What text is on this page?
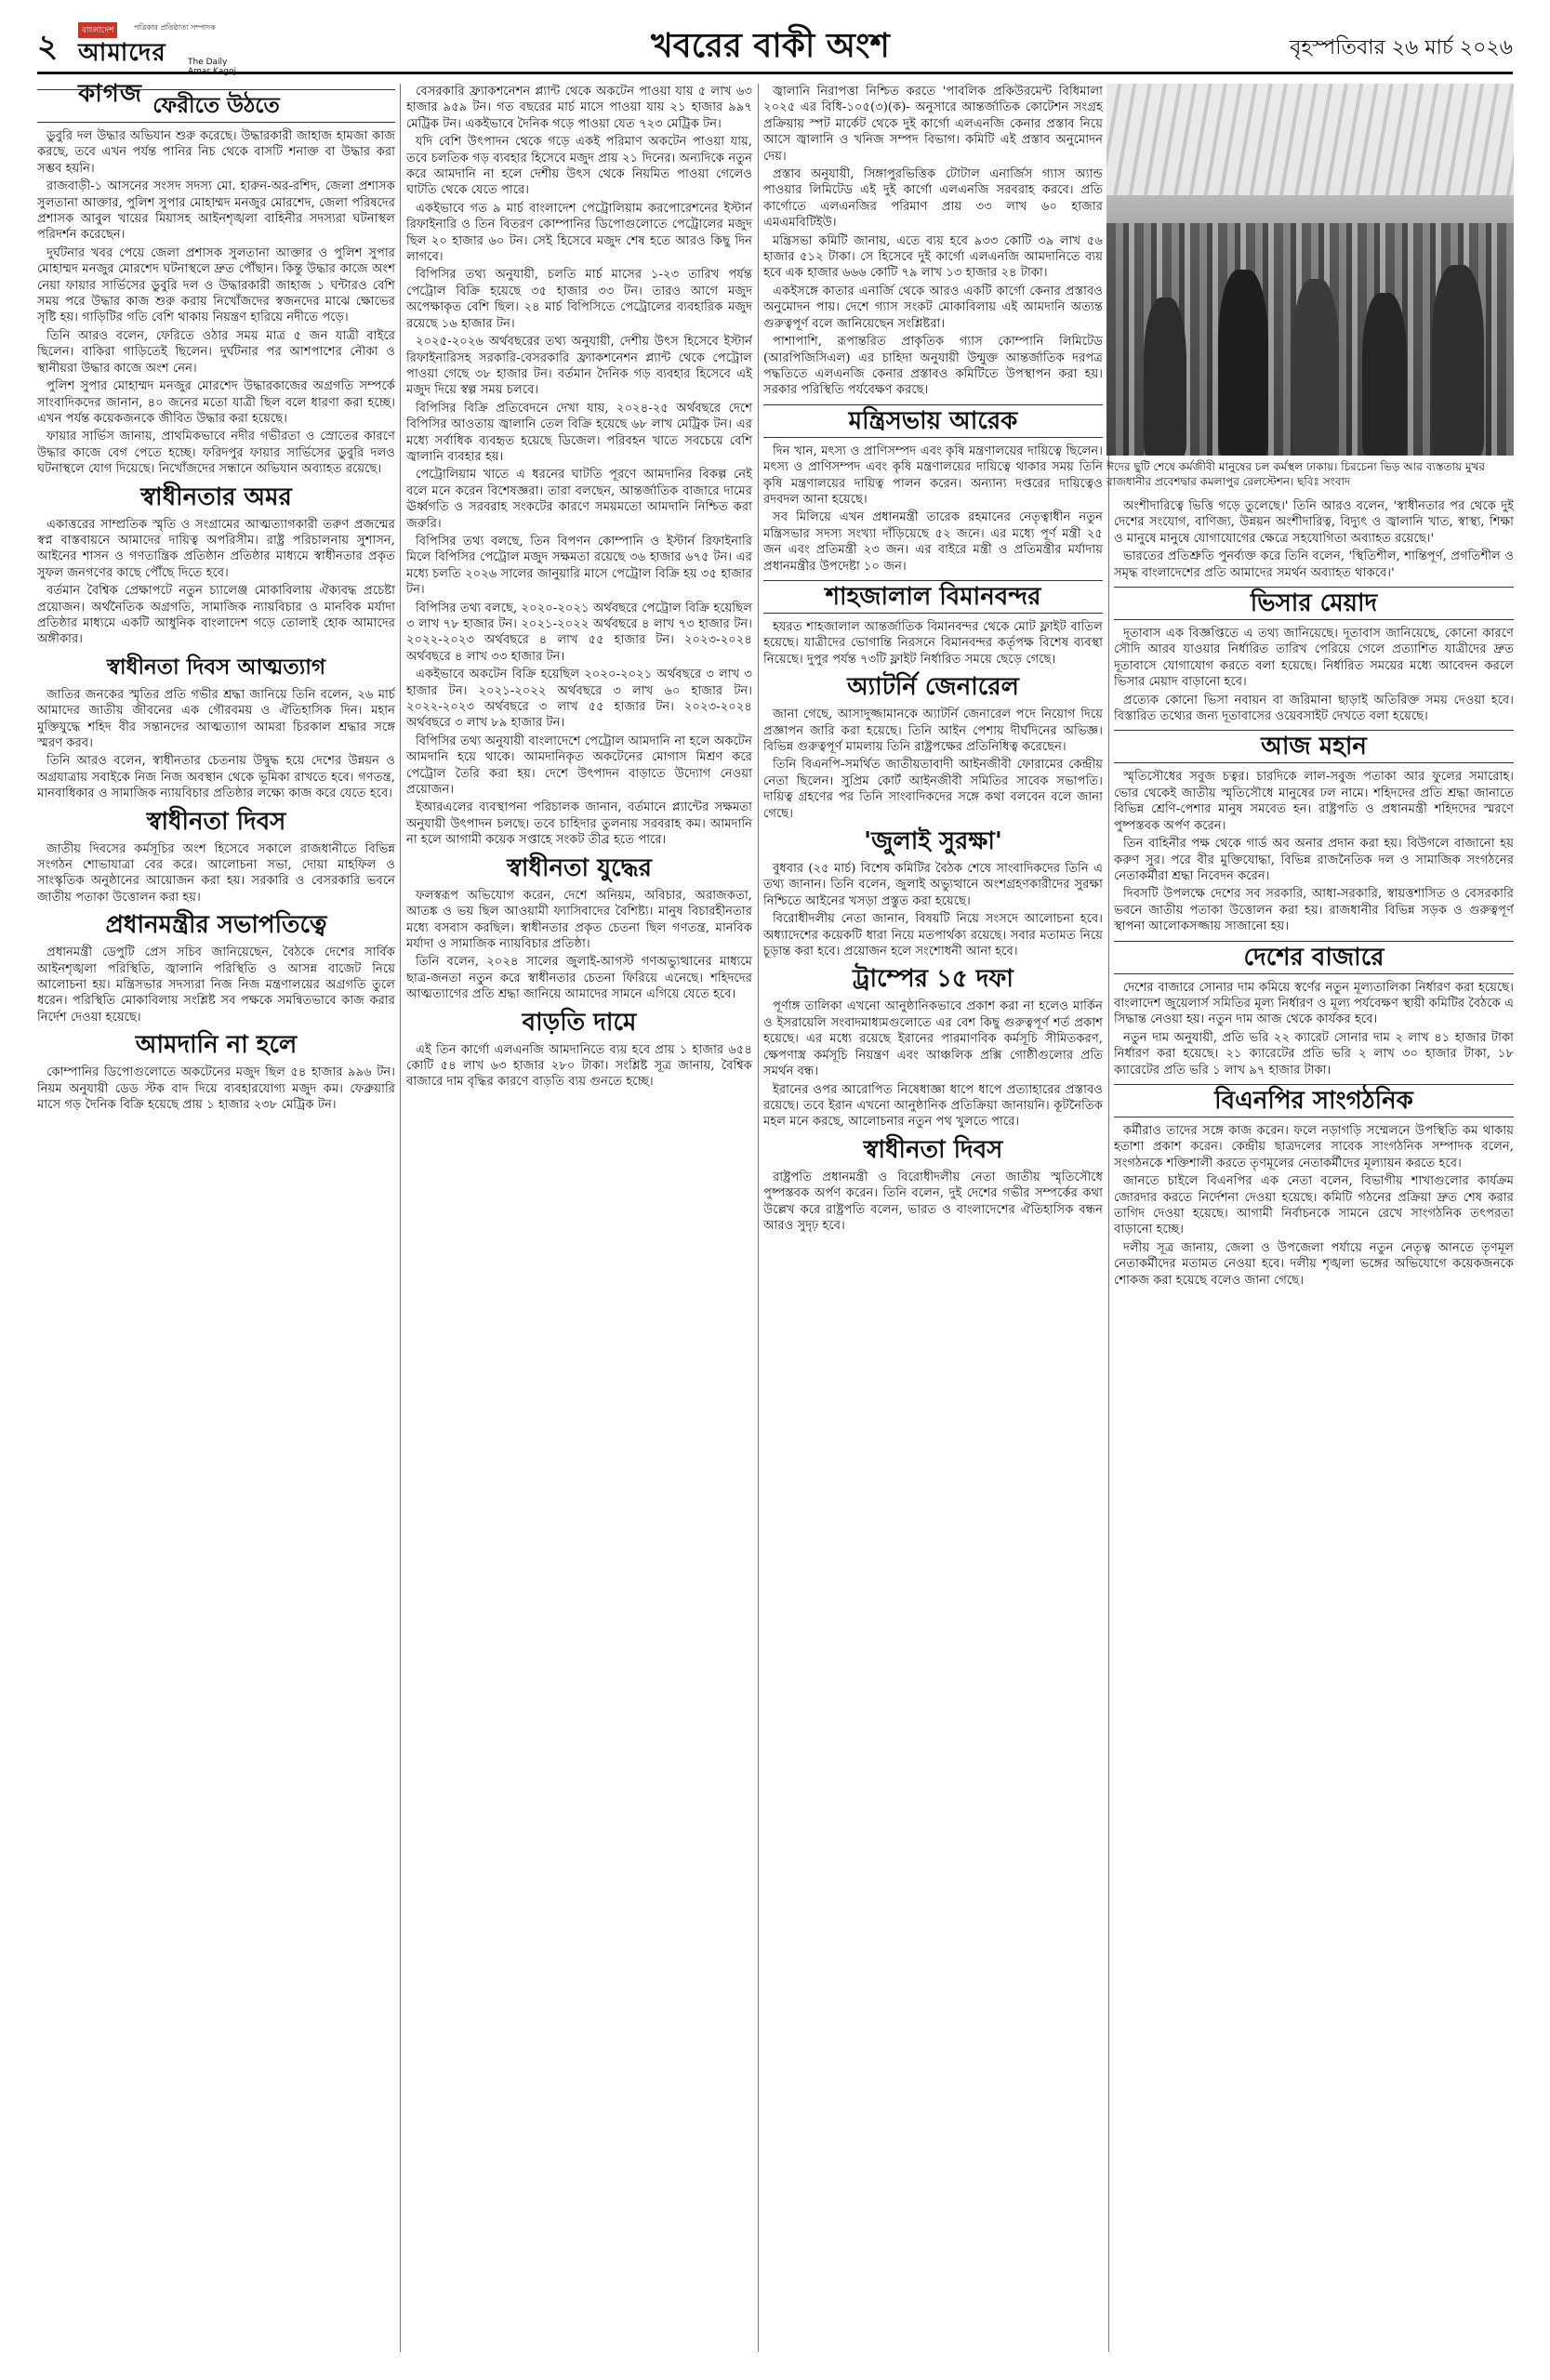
২	বাংলাদেশ	পত্রিকার প্রতিষ্ঠাতা সম্পাদক
আমাদের কাগজ
The Daily Amar Kagoj
খবরের বাকী অংশ	বৃহস্পতিবার ২৬ মার্চ ২০২৬
ফেরীতে উঠতে

ডুবুরি দল উদ্ধার অভিযান শুরু করেছে। উদ্ধারকারী জাহাজ হামজা কাজ করছে, তবে এখন পর্যন্ত পানির নিচ থেকে বাসটি শনাক্ত বা উদ্ধার করা সম্ভব হয়নি।

রাজবাড়ী-১ আসনের সংসদ সদস্য মো. হারুন-অর-রশিদ, জেলা প্রশাসক সুলতানা আক্তার, পুলিশ সুপার মোহাম্মদ মনজুর মোরশেদ, জেলা পরিষদের প্রশাসক আবুল খায়ের মিয়াসহ আইনশৃঙ্খলা বাহিনীর সদস্যরা ঘটনাস্থল পরিদর্শন করেছেন।

দুর্ঘটনার খবর পেয়ে জেলা প্রশাসক সুলতানা আক্তার ও পুলিশ সুপার মোহাম্মদ মনজুর মোরশেদ ঘটনাস্থলে দ্রুত পৌঁছান। কিন্তু উদ্ধার কাজে অংশ নেয়া ফায়ার সার্ভিসের ডুবুরি দল ও উদ্ধারকারী জাহাজ ১ ঘন্টারও বেশি সময় পরে উদ্ধার কাজ শুরু করায় নিখোঁজদের স্বজনদের মাঝে ক্ষোভের সৃষ্টি হয়। গাড়িটির গতি বেশি থাকায় নিয়ন্ত্রণ হারিয়ে নদীতে পড়ে।

তিনি আরও বলেন, ফেরিতে ওঠার সময় মাত্র ৫ জন যাত্রী বাইরে ছিলেন। বাকিরা গাড়িতেই ছিলেন। দুর্ঘটনার পর আশপাশের নৌকা ও স্থানীয়রা উদ্ধার কাজে অংশ নেন।

পুলিশ সুপার মোহাম্মদ মনজুর মোরশেদ উদ্ধারকাজের অগ্রগতি সম্পর্কে সাংবাদিকদের জানান, ৪০ জনের মতো যাত্রী ছিল বলে ধারণা করা হচ্ছে। এখন পর্যন্ত কয়েকজনকে জীবিত উদ্ধার করা হয়েছে।

ফায়ার সার্ভিস জানায়, প্রাথমিকভাবে নদীর গভীরতা ও স্রোতের কারণে উদ্ধার কাজে বেগ পেতে হচ্ছে। ফরিদপুর ফায়ার সার্ভিসের ডুবুরি দলও ঘটনাস্থলে যোগ দিয়েছে। নিখোঁজদের সন্ধানে অভিযান অব্যাহত রয়েছে।

স্বাধীনতার অমর

একাত্তরের সাম্প্রতিক স্মৃতি ও সংগ্রামের আত্মত্যাগকারী তরুণ প্রজন্মের স্বপ্ন বাস্তবায়নে আমাদের দায়িত্ব অপরিসীম। রাষ্ট্র পরিচালনায় সুশাসন, আইনের শাসন ও গণতান্ত্রিক প্রতিষ্ঠান প্রতিষ্ঠার মাধ্যমে স্বাধীনতার প্রকৃত সুফল জনগণের কাছে পৌঁছে দিতে হবে।

বর্তমান বৈশ্বিক প্রেক্ষাপটে নতুন চ্যালেঞ্জ মোকাবিলায় ঐক্যবদ্ধ প্রচেষ্টা প্রয়োজন। অর্থনৈতিক অগ্রগতি, সামাজিক ন্যায়বিচার ও মানবিক মর্যাদা প্রতিষ্ঠার মাধ্যমে একটি আধুনিক বাংলাদেশ গড়ে তোলাই হোক আমাদের অঙ্গীকার।

স্বাধীনতা দিবস আত্মত্যাগ

জাতির জনকের স্মৃতির প্রতি গভীর শ্রদ্ধা জানিয়ে তিনি বলেন, ২৬ মার্চ আমাদের জাতীয় জীবনের এক গৌরবময় ও ঐতিহাসিক দিন। মহান মুক্তিযুদ্ধে শহিদ বীর সন্তানদের আত্মত্যাগ আমরা চিরকাল শ্রদ্ধার সঙ্গে স্মরণ করব।

তিনি আরও বলেন, স্বাধীনতার চেতনায় উদ্বুদ্ধ হয়ে দেশের উন্নয়ন ও অগ্রযাত্রায় সবাইকে নিজ নিজ অবস্থান থেকে ভূমিকা রাখতে হবে। গণতন্ত্র, মানবাধিকার ও সামাজিক ন্যায়বিচার প্রতিষ্ঠার লক্ষ্যে কাজ করে যেতে হবে।

স্বাধীনতা দিবস

জাতীয় দিবসের কর্মসূচির অংশ হিসেবে সকালে রাজধানীতে বিভিন্ন সংগঠন শোভাযাত্রা বের করে। আলোচনা সভা, দোয়া মাহফিল ও সাংস্কৃতিক অনুষ্ঠানের আয়োজন করা হয়। সরকারি ও বেসরকারি ভবনে জাতীয় পতাকা উত্তোলন করা হয়।

প্রধানমন্ত্রীর সভাপতিত্বে

প্রধানমন্ত্রী ডেপুটি প্রেস সচিব জানিয়েছেন, বৈঠকে দেশের সার্বিক আইনশৃঙ্খলা পরিস্থিতি, জ্বালানি পরিস্থিতি ও আসন্ন বাজেট নিয়ে আলোচনা হয়। মন্ত্রিসভার সদস্যরা নিজ নিজ মন্ত্রণালয়ের অগ্রগতি তুলে ধরেন। পরিস্থিতি মোকাবিলায় সংশ্লিষ্ট সব পক্ষকে সমন্বিতভাবে কাজ করার নির্দেশ দেওয়া হয়েছে।

আমদানি না হলে

কোম্পানির ডিপোগুলোতে অকটেনের মজুদ ছিল ৫৪ হাজার ৯৯৬ টন। নিয়ম অনুযায়ী ডেড স্টক বাদ দিয়ে ব্যবহারযোগ্য মজুদ কম। ফেব্রুয়ারি মাসে গড় দৈনিক বিক্রি হয়েছে প্রায় ১ হাজার ২৩৮ মেট্রিক টন।

বেসরকারি ফ্র্যাকশনেশন প্ল্যান্ট থেকে অকটেন পাওয়া যায় ৫ লাখ ৬৩ হাজার ৯৫৯ টন। গত বছরের মার্চ মাসে পাওয়া যায় ২১ হাজার ৯৯৭ মেট্রিক টন। একইভাবে দৈনিক গড়ে পাওয়া যেত ৭২৩ মেট্রিক টন।

যদি বেশি উৎপাদন থেকে গড়ে একই পরিমাণ অকটেন পাওয়া যায়, তবে চলতিক গড় ব্যবহার হিসেবে মজুদ প্রায় ২১ দিনের। অন্যদিকে নতুন করে আমদানি না হলে দেশীয় উৎস থেকে নিয়মিত পাওয়া গেলেও ঘাটতি থেকে যেতে পারে।

একইভাবে গত ৯ মার্চ বাংলাদেশ পেট্রোলিয়াম করপোরেশনের ইস্টার্ন রিফাইনারি ও তিন বিতরণ কোম্পানির ডিপোগুলোতে পেট্রোলের মজুদ ছিল ২০ হাজার ৬০ টন। সেই হিসেবে মজুদ শেষ হতে আরও কিছু দিন লাগবে।

বিপিসির তথ্য অনুযায়ী, চলতি মার্চ মাসের ১-২৩ তারিখ পর্যন্ত পেট্রোল বিক্রি হয়েছে ৩৫ হাজার ৩৩ টন। তারও আগে মজুদ অপেক্ষাকৃত বেশি ছিল। ২৪ মার্চ বিপিসিতে পেট্রোলের ব্যবহারিক মজুদ রয়েছে ১৬ হাজার টন।

২০২৫-২০২৬ অর্থবছরের তথ্য অনুযায়ী, দেশীয় উৎস হিসেবে ইস্টার্ন রিফাইনারিসহ সরকারি-বেসরকারি ফ্র্যাকশনেশন প্ল্যান্ট থেকে পেট্রোল পাওয়া গেছে ৩৮ হাজার টন। বর্তমান দৈনিক গড় ব্যবহার হিসেবে এই মজুদ দিয়ে স্বল্প সময় চলবে।

বিপিসির বিক্রি প্রতিবেদনে দেখা যায়, ২০২৪-২৫ অর্থবছরে দেশে বিপিসির আওতায় জ্বালানি তেল বিক্রি হয়েছে ৬৮ লাখ মেট্রিক টন। এর মধ্যে সর্বাধিক ব্যবহৃত হয়েছে ডিজেল। পরিবহন খাতে সবচেয়ে বেশি জ্বালানি ব্যবহার হয়।

পেট্রোলিয়াম খাতে এ ধরনের ঘাটতি পূরণে আমদানির বিকল্প নেই বলে মনে করেন বিশেষজ্ঞরা। তারা বলছেন, আন্তর্জাতিক বাজারে দামের ঊর্ধ্বগতি ও সরবরাহ সংকটের কারণে সময়মতো আমদানি নিশ্চিত করা জরুরি।

বিপিসির তথ্য বলছে, তিন বিপণন কোম্পানি ও ইস্টার্ন রিফাইনারি মিলে বিপিসির পেট্রোল মজুদ সক্ষমতা রয়েছে ৩৬ হাজার ৬৭৫ টন। এর মধ্যে চলতি ২০২৬ সালের জানুয়ারি মাসে পেট্রোল বিক্রি হয় ৩৫ হাজার টন।

বিপিসির তথ্য বলছে, ২০২০-২০২১ অর্থবছরে পেট্রোল বিক্রি হয়েছিল ৩ লাখ ৭৮ হাজার টন। ২০২১-২০২২ অর্থবছরে ৪ লাখ ৭৩ হাজার টন। ২০২২-২০২৩ অর্থবছরে ৪ লাখ ৫৫ হাজার টন। ২০২৩-২০২৪ অর্থবছরে ৪ লাখ ৩৩ হাজার টন।

একইভাবে অকটেন বিক্রি হয়েছিল ২০২০-২০২১ অর্থবছরে ৩ লাখ ৩ হাজার টন। ২০২১-২০২২ অর্থবছরে ৩ লাখ ৬০ হাজার টন। ২০২২-২০২৩ অর্থবছরে ৩ লাখ ৫৫ হাজার টন। ২০২৩-২০২৪ অর্থবছরে ৩ লাখ ৮৯ হাজার টন।

বিপিসির তথ্য অনুযায়ী বাংলাদেশে পেট্রোল আমদানি না হলে অকটেন আমদানি হয়ে থাকে। আমদানিকৃত অকটেনের মোগাস মিশ্রণ করে পেট্রোল তৈরি করা হয়। দেশে উৎপাদন বাড়াতে উদ্যোগ নেওয়া প্রয়োজন।

ইআরএলের ব্যবস্থাপনা পরিচালক জানান, বর্তমানে প্ল্যান্টের সক্ষমতা অনুযায়ী উৎপাদন চলছে। তবে চাহিদার তুলনায় সরবরাহ কম। আমদানি না হলে আগামী কয়েক সপ্তাহে সংকট তীব্র হতে পারে।

স্বাধীনতা যুদ্ধের

ফলস্বরূপ অভিযোগ করেন, দেশে অনিয়ম, অবিচার, অরাজকতা, আতঙ্ক ও ভয় ছিল আওয়ামী ফ্যাসিবাদের বৈশিষ্ট্য। মানুষ বিচারহীনতার মধ্যে বসবাস করছিল। স্বাধীনতার প্রকৃত চেতনা ছিল গণতন্ত্র, মানবিক মর্যাদা ও সামাজিক ন্যায়বিচার প্রতিষ্ঠা।

তিনি বলেন, ২০২৪ সালের জুলাই-আগস্ট গণঅভ্যুত্থানের মাধ্যমে ছাত্র-জনতা নতুন করে স্বাধীনতার চেতনা ফিরিয়ে এনেছে। শহিদদের আত্মত্যাগের প্রতি শ্রদ্ধা জানিয়ে আমাদের সামনে এগিয়ে যেতে হবে।

বাড়তি দামে

এই তিন কার্গো এলএনজি আমদানিতে ব্যয় হবে প্রায় ১ হাজার ৬৫৪ কোটি ৫৪ লাখ ৬৩ হাজার ২৮০ টাকা। সংশ্লিষ্ট সূত্র জানায়, বৈশ্বিক বাজারে দাম বৃদ্ধির কারণে বাড়তি ব্যয় গুনতে হচ্ছে।

জ্বালানি নিরাপত্তা নিশ্চিত করতে 'পাবলিক প্রকিউরমেন্ট বিধিমালা ২০২৫ এর বিধি-১০৫(৩)(ক)- অনুসারে আন্তর্জাতিক কোটেশন সংগ্রহ প্রক্রিয়ায় স্পট মার্কেট থেকে দুই কার্গো এলএনজি কেনার প্রস্তাব নিয়ে আসে জ্বালানি ও খনিজ সম্পদ বিভাগ। কমিটি এই প্রস্তাব অনুমোদন দেয়।

প্রস্তাব অনুযায়ী, সিঙ্গাপুরভিত্তিক টোটাল এনার্জিস গ্যাস অ্যান্ড পাওয়ার লিমিটেড এই দুই কার্গো এলএনজি সরবরাহ করবে। প্রতি কার্গোতে এলএনজির পরিমাণ প্রায় ৩৩ লাখ ৬০ হাজার এমএমবিটিইউ।

মন্ত্রিসভা কমিটি জানায়, এতে ব্যয় হবে ৯৩৩ কোটি ৩৯ লাখ ৫৬ হাজার ৫১২ টাকা। সে হিসেবে দুই কার্গো এলএনজি আমদানিতে ব্যয় হবে এক হাজার ৬৬৬ কোটি ৭৯ লাখ ১৩ হাজার ২৪ টাকা।

একইসঙ্গে কাতার এনার্জি থেকে আরও একটি কার্গো কেনার প্রস্তাবও অনুমোদন পায়। দেশে গ্যাস সংকট মোকাবিলায় এই আমদানি অত্যন্ত গুরুত্বপূর্ণ বলে জানিয়েছেন সংশ্লিষ্টরা।

পাশাপাশি, রূপান্তরিত প্রাকৃতিক গ্যাস কোম্পানি লিমিটেড (আরপিজিসিএল) এর চাহিদা অনুযায়ী উন্মুক্ত আন্তর্জাতিক দরপত্র পদ্ধতিতে এলএনজি কেনার প্রস্তাবও কমিটিতে উপস্থাপন করা হয়। সরকার পরিস্থিতি পর্যবেক্ষণ করছে।

মন্ত্রিসভায় আরেক

দিন খান, মৎস্য ও প্রাণিসম্পদ এবং কৃষি মন্ত্রণালয়ের দায়িত্বে ছিলেন। মৎস্য ও প্রাণিসম্পদ এবং কৃষি মন্ত্রণালয়ের দায়িত্বে থাকার সময় তিনি কৃষি মন্ত্রণালয়ের দায়িত্ব পালন করেন। অন্যান্য দপ্তরের দায়িত্বেও রদবদল আনা হয়েছে।

সব মিলিয়ে এখন প্রধানমন্ত্রী তারেক রহমানের নেতৃত্বাধীন নতুন মন্ত্রিসভার সদস্য সংখ্যা দাঁড়িয়েছে ৫২ জনে। এর মধ্যে পূর্ণ মন্ত্রী ২৫ জন এবং প্রতিমন্ত্রী ২৩ জন। এর বাইরে মন্ত্রী ও প্রতিমন্ত্রীর মর্যাদায় প্রধানমন্ত্রীর উপদেষ্টা ১০ জন।

শাহজালাল বিমানবন্দর

হযরত শাহজালাল আন্তর্জাতিক বিমানবন্দর থেকে মোট ফ্লাইট বাতিল হয়েছে। যাত্রীদের ভোগান্তি নিরসনে বিমানবন্দর কর্তৃপক্ষ বিশেষ ব্যবস্থা নিয়েছে। দুপুর পর্যন্ত ৭৩টি ফ্লাইট নির্ধারিত সময়ে ছেড়ে গেছে।

অ্যাটর্নি জেনারেল

জানা গেছে, আসাদুজ্জামানকে অ্যাটর্নি জেনারেল পদে নিয়োগ দিয়ে প্রজ্ঞাপন জারি করা হয়েছে। তিনি আইন পেশায় দীর্ঘদিনের অভিজ্ঞ। বিভিন্ন গুরুত্বপূর্ণ মামলায় তিনি রাষ্ট্রপক্ষের প্রতিনিধিত্ব করেছেন।

তিনি বিএনপি-সমর্থিত জাতীয়তাবাদী আইনজীবী ফোরামের কেন্দ্রীয় নেতা ছিলেন। সুপ্রিম কোর্ট আইনজীবী সমিতির সাবেক সভাপতি। দায়িত্ব গ্রহণের পর তিনি সাংবাদিকদের সঙ্গে কথা বলবেন বলে জানা গেছে।

'জুলাই সুরক্ষা'

বুধবার (২৫ মার্চ) বিশেষ কমিটির বৈঠক শেষে সাংবাদিকদের তিনি এ তথ্য জানান। তিনি বলেন, জুলাই অভ্যুত্থানে অংশগ্রহণকারীদের সুরক্ষা নিশ্চিতে আইনের খসড়া প্রস্তুত করা হয়েছে।

বিরোধীদলীয় নেতা জানান, বিষয়টি নিয়ে সংসদে আলোচনা হবে। অধ্যাদেশের কয়েকটি ধারা নিয়ে মতপার্থক্য রয়েছে। সবার মতামত নিয়ে চূড়ান্ত করা হবে। প্রয়োজন হলে সংশোধনী আনা হবে।

ট্রাম্পের ১৫ দফা

পূর্ণাঙ্গ তালিকা এখনো আনুষ্ঠানিকভাবে প্রকাশ করা না হলেও মার্কিন ও ইসরায়েলি সংবাদমাধ্যমগুলোতে এর বেশ কিছু গুরুত্বপূর্ণ শর্ত প্রকাশ হয়েছে। এর মধ্যে রয়েছে ইরানের পারমাণবিক কর্মসূচি সীমিতকরণ, ক্ষেপণাস্ত্র কর্মসূচি নিয়ন্ত্রণ এবং আঞ্চলিক প্রক্সি গোষ্ঠীগুলোর প্রতি সমর্থন বন্ধ।

ইরানের ওপর আরোপিত নিষেধাজ্ঞা ধাপে ধাপে প্রত্যাহারের প্রস্তাবও রয়েছে। তবে ইরান এখনো আনুষ্ঠানিক প্রতিক্রিয়া জানায়নি। কূটনৈতিক মহল মনে করছে, আলোচনার নতুন পথ খুলতে পারে।

স্বাধীনতা দিবস

রাষ্ট্রপতি প্রধানমন্ত্রী ও বিরোধীদলীয় নেতা জাতীয় স্মৃতিসৌধে পুষ্পস্তবক অর্পণ করেন। তিনি বলেন, দুই দেশের গভীর সম্পর্কের কথা উল্লেখ করে রাষ্ট্রপতি বলেন, ভারত ও বাংলাদেশের ঐতিহাসিক বন্ধন আরও সুদৃঢ় হবে।

ঈদের ছুটি শেষে কর্মজীবী মানুষের চল কর্মস্থল ঢাকায়। চিরচেনা ভিড় আর ব্যস্ততায় মুখর রাজধানীর প্রবেশদ্বার কমলাপুর রেলস্টেশন। ছবিঃ সংবাদ

অংশীদারিত্বে ভিত্তি গড়ে তুলেছে।' তিনি আরও বলেন, 'স্বাধীনতার পর থেকে দুই দেশের সংযোগ, বাণিজ্য, উন্নয়ন অংশীদারিত্ব, বিদ্যুৎ ও জ্বালানি খাত, স্বাস্থ্য, শিক্ষা ও মানুষে মানুষে যোগাযোগের ক্ষেত্রে সহযোগিতা অব্যাহত রয়েছে।'

ভারতের প্রতিশ্রুতি পুনর্ব্যক্ত করে তিনি বলেন, 'স্থিতিশীল, শান্তিপূর্ণ, প্রগতিশীল ও সমৃদ্ধ বাংলাদেশের প্রতি আমাদের সমর্থন অব্যাহত থাকবে।'

ভিসার মেয়াদ

দূতাবাস এক বিজ্ঞপ্তিতে এ তথ্য জানিয়েছে। দূতাবাস জানিয়েছে, কোনো কারণে সৌদি আরব যাওয়ার নির্ধারিত তারিখ পেরিয়ে গেলে প্রত্যাশিত যাত্রীদের দ্রুত দূতাবাসে যোগাযোগ করতে বলা হয়েছে। নির্ধারিত সময়ের মধ্যে আবেদন করলে ভিসার মেয়াদ বাড়ানো হবে।

প্রত্যেক কোনো ভিসা নবায়ন বা জরিমানা ছাড়াই অতিরিক্ত সময় দেওয়া হবে। বিস্তারিত তথ্যের জন্য দূতাবাসের ওয়েবসাইট দেখতে বলা হয়েছে।

আজ মহান

স্মৃতিসৌধের সবুজ চত্বর। চারদিকে লাল-সবুজ পতাকা আর ফুলের সমারোহ। ভোর থেকেই জাতীয় স্মৃতিসৌধে মানুষের ঢল নামে। শহিদদের প্রতি শ্রদ্ধা জানাতে বিভিন্ন শ্রেণি-পেশার মানুষ সমবেত হন। রাষ্ট্রপতি ও প্রধানমন্ত্রী শহিদদের স্মরণে পুষ্পস্তবক অর্পণ করেন।

তিন বাহিনীর পক্ষ থেকে গার্ড অব অনার প্রদান করা হয়। বিউগলে বাজানো হয় করুণ সুর। পরে বীর মুক্তিযোদ্ধা, বিভিন্ন রাজনৈতিক দল ও সামাজিক সংগঠনের নেতাকর্মীরা শ্রদ্ধা নিবেদন করেন।

দিবসটি উপলক্ষে দেশের সব সরকারি, আধা-সরকারি, স্বায়ত্তশাসিত ও বেসরকারি ভবনে জাতীয় পতাকা উত্তোলন করা হয়। রাজধানীর বিভিন্ন সড়ক ও গুরুত্বপূর্ণ স্থাপনা আলোকসজ্জায় সাজানো হয়।

দেশের বাজারে

দেশের বাজারে সোনার দাম কমিয়ে স্বর্ণের নতুন মূল্যতালিকা নির্ধারণ করা হয়েছে। বাংলাদেশ জুয়েলার্স সমিতির মূল্য নির্ধারণ ও মূল্য পর্যবেক্ষণ স্থায়ী কমিটির বৈঠকে এ সিদ্ধান্ত নেওয়া হয়। নতুন দাম আজ থেকে কার্যকর হবে।

নতুন দাম অনুযায়ী, প্রতি ভরি ২২ ক্যারেট সোনার দাম ২ লাখ ৪১ হাজার টাকা নির্ধারণ করা হয়েছে। ২১ ক্যারেটের প্রতি ভরি ২ লাখ ৩০ হাজার টাকা, ১৮ ক্যারেটের প্রতি ভরি ১ লাখ ৯৭ হাজার টাকা।

বিএনপির সাংগঠনিক

কর্মীরাও তাদের সঙ্গে কাজ করেন। ফলে নড়াগড়ি সম্মেলনে উপস্থিতি কম থাকায় হতাশা প্রকাশ করেন। কেন্দ্রীয় ছাত্রদলের সাবেক সাংগঠনিক সম্পাদক বলেন, সংগঠনকে শক্তিশালী করতে তৃণমূলের নেতাকর্মীদের মূল্যায়ন করতে হবে।

জানতে চাইলে বিএনপির এক নেতা বলেন, বিভাগীয় শাখাগুলোর কার্যক্রম জোরদার করতে নির্দেশনা দেওয়া হয়েছে। কমিটি গঠনের প্রক্রিয়া দ্রুত শেষ করার তাগিদ দেওয়া হয়েছে। আগামী নির্বাচনকে সামনে রেখে সাংগঠনিক তৎপরতা বাড়ানো হচ্ছে।

দলীয় সূত্র জানায়, জেলা ও উপজেলা পর্যায়ে নতুন নেতৃত্ব আনতে তৃণমূল নেতাকর্মীদের মতামত নেওয়া হবে। দলীয় শৃঙ্খলা ভঙ্গের অভিযোগে কয়েকজনকে শোকজ করা হয়েছে বলেও জানা গেছে।
